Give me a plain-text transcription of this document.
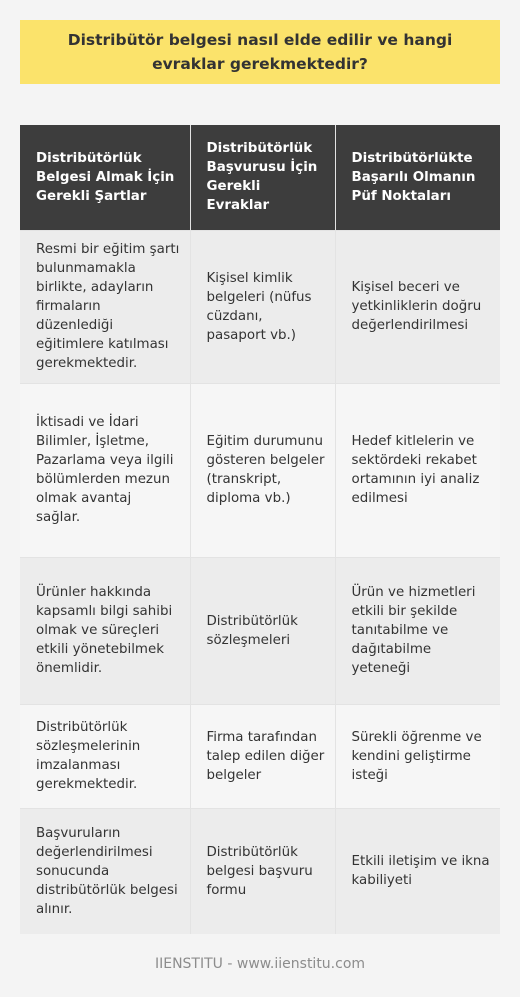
Distribütör belgesi nasıl elde edilir ve hangi evraklar gerekmektedir?
Distribütörlük Belgesi Almak İçin Gerekli Şartlar	Distribütörlük Başvurusu İçin Gerekli Evraklar	Distribütörlükte Başarılı Olmanın Püf Noktaları
Resmi bir eğitim şartı bulunmamakla birlikte, adayların firmaların düzenlediği eğitimlere katılması gerekmektedir.	Kişisel kimlik belgeleri (nüfus cüzdanı, pasaport vb.)	Kişisel beceri ve yetkinliklerin doğru değerlendirilmesi
İktisadi ve İdari Bilimler, İşletme, Pazarlama veya ilgili bölümlerden mezun olmak avantaj sağlar.	Eğitim durumunu gösteren belgeler (transkript, diploma vb.)	Hedef kitlelerin ve sektördeki rekabet ortamının iyi analiz edilmesi
Ürünler hakkında kapsamlı bilgi sahibi olmak ve süreçleri etkili yönetebilmek önemlidir.	Distribütörlük sözleşmeleri	Ürün ve hizmetleri etkili bir şekilde tanıtabilme ve dağıtabilme yeteneği
Distribütörlük sözleşmelerinin imzalanması gerekmektedir.	Firma tarafından talep edilen diğer belgeler	Sürekli öğrenme ve kendini geliştirme isteği
Başvuruların değerlendirilmesi sonucunda distribütörlük belgesi alınır.	Distribütörlük belgesi başvuru formu	Etkili iletişim ve ikna kabiliyeti
IIENSTITU - www.iienstitu.com
